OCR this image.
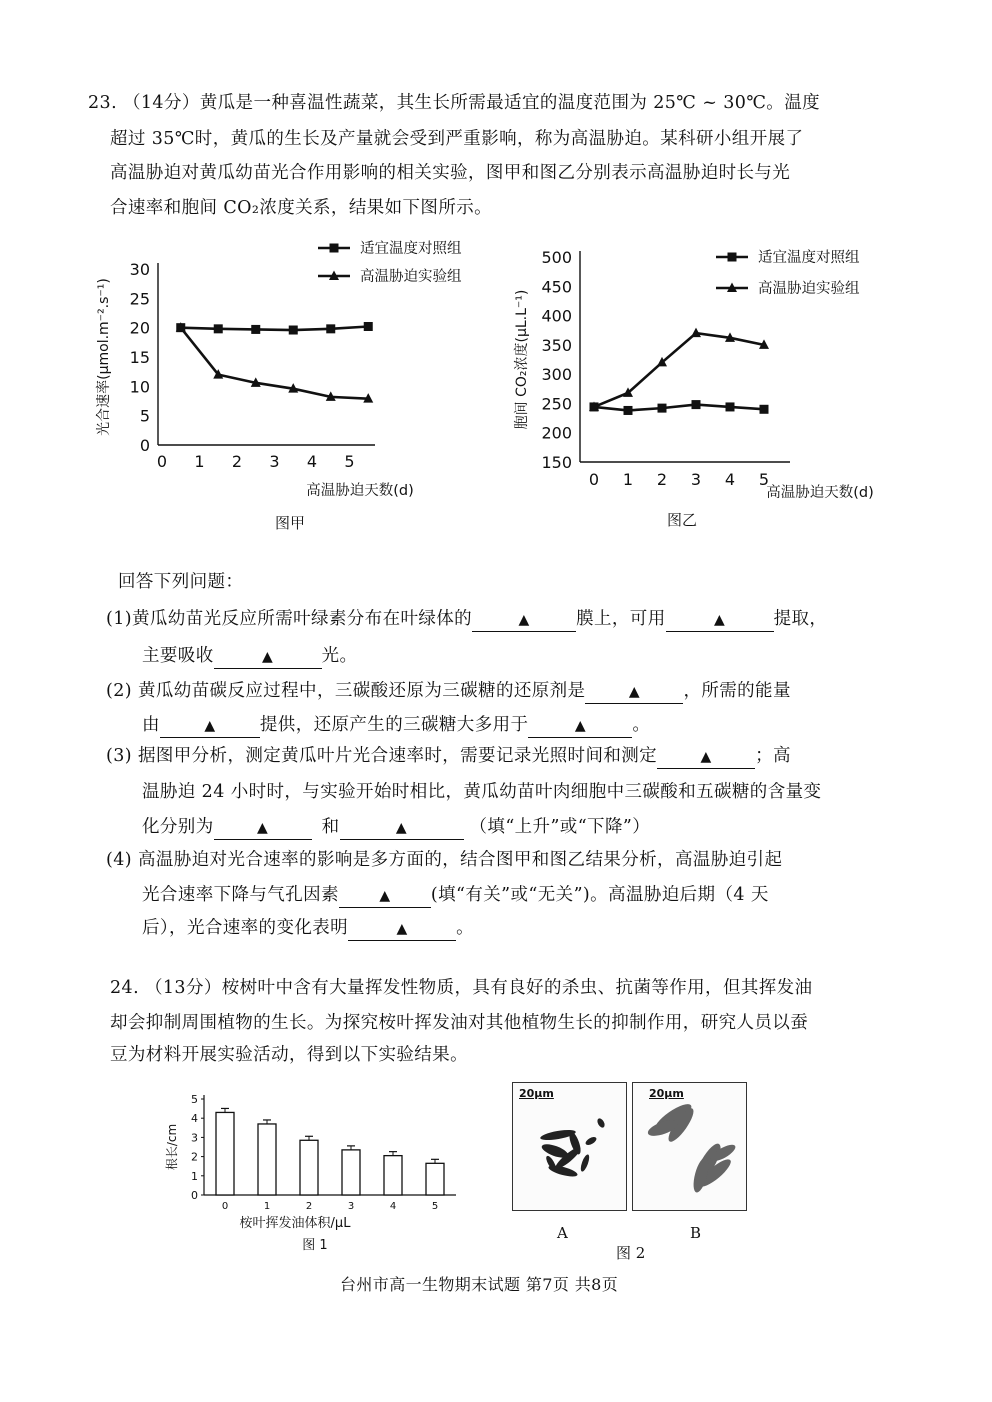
23. （14分）黄瓜是一种喜温性蔬菜，其生长所需最适宜的温度范围为 25℃ ~ 30℃。温度
超过 35℃时，黄瓜的生长及产量就会受到严重影响，称为高温胁迫。某科研小组开展了
高温胁迫对黄瓜幼苗光合作用影响的相关实验，图甲和图乙分别表示高温胁迫时长与光
合速率和胞间 CO₂浓度关系，结果如下图所示。
0
5
10
15
20
25
30
0 1 2 3 4 5
高温胁迫天数(d)
光合速率(μmol.m⁻².s⁻¹)
适宜温度对照组
高温胁迫实验组
图甲
150
200
250
300
350
400
450
500
0 1 2 3 4 5
高温胁迫天数(d)
胞间 CO₂浓度(μL.L⁻¹)
适宜温度对照组
高温胁迫实验组
图乙
回答下列问题：
(1)黄瓜幼苗光反应所需叶绿素分布在叶绿体的	▲	膜上，可用	▲	提取，
主要吸收	▲	光。
(2) 黄瓜幼苗碳反应过程中，三碳酸还原为三碳糖的还原剂是	▲ ，所需的能量
由	▲	提供，还原产生的三碳糖大多用于	▲	。
(3) 据图甲分析，测定黄瓜叶片光合速率时，需要记录光照时间和测定	▲ ；高
温胁迫 24 小时时，与实验开始时相比，黄瓜幼苗叶肉细胞中三碳酸和五碳糖的含量变
化分别为	▲	和	▲	（填“上升”或“下降”）
(4) 高温胁迫对光合速率的影响是多方面的，结合图甲和图乙结果分析，高温胁迫引起
光合速率下降与气孔因素	▲ (填“有关”或“无关”)。高温胁迫后期（4 天
后），光合速率的变化表明	▲	。
24. （13分）桉树叶中含有大量挥发性物质，具有良好的杀虫、抗菌等作用，但其挥发油
却会抑制周围植物的生长。为探究桉叶挥发油对其他植物生长的抑制作用，研究人员以蚕
豆为材料开展实验活动，得到以下实验结果。
0
1
2
3
4
5
0	1	2	3	4	5
根长/cm
桉叶挥发油体积/μL
图 1
20μm	20μm
A
图 2
B
台州市高一生物期末试题 第7页 共8页
